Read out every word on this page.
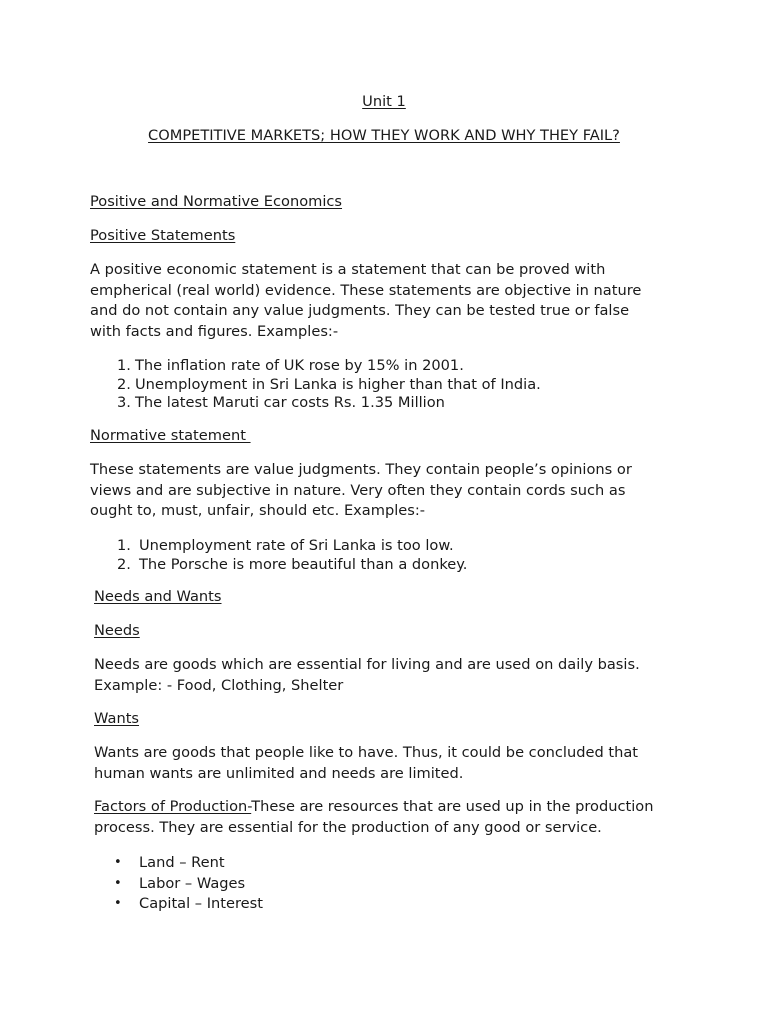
Unit 1
COMPETITIVE MARKETS; HOW THEY WORK AND WHY THEY FAIL?
Positive and Normative Economics
Positive Statements
A positive economic statement is a statement that can be proved with
empherical (real world) evidence. These statements are objective in nature
and do not contain any value judgments. They can be tested true or false
with facts and figures. Examples:-
1. The inflation rate of UK rose by 15% in 2001.
2. Unemployment in Sri Lanka is higher than that of India.
3. The latest Maruti car costs Rs. 1.35 Million
Normative statement
These statements are value judgments. They contain people’s opinions or
views and are subjective in nature. Very often they contain cords such as
ought to, must, unfair, should etc. Examples:-
1. Unemployment rate of Sri Lanka is too low.
2. The Porsche is more beautiful than a donkey.
Needs and Wants
Needs
Needs are goods which are essential for living and are used on daily basis.
Example: - Food, Clothing, Shelter
Wants
Wants are goods that people like to have. Thus, it could be concluded that
human wants are unlimited and needs are limited.
Factors of Production-These are resources that are used up in the production
process. They are essential for the production of any good or service.
• Land – Rent
• Labor – Wages
• Capital – Interest
